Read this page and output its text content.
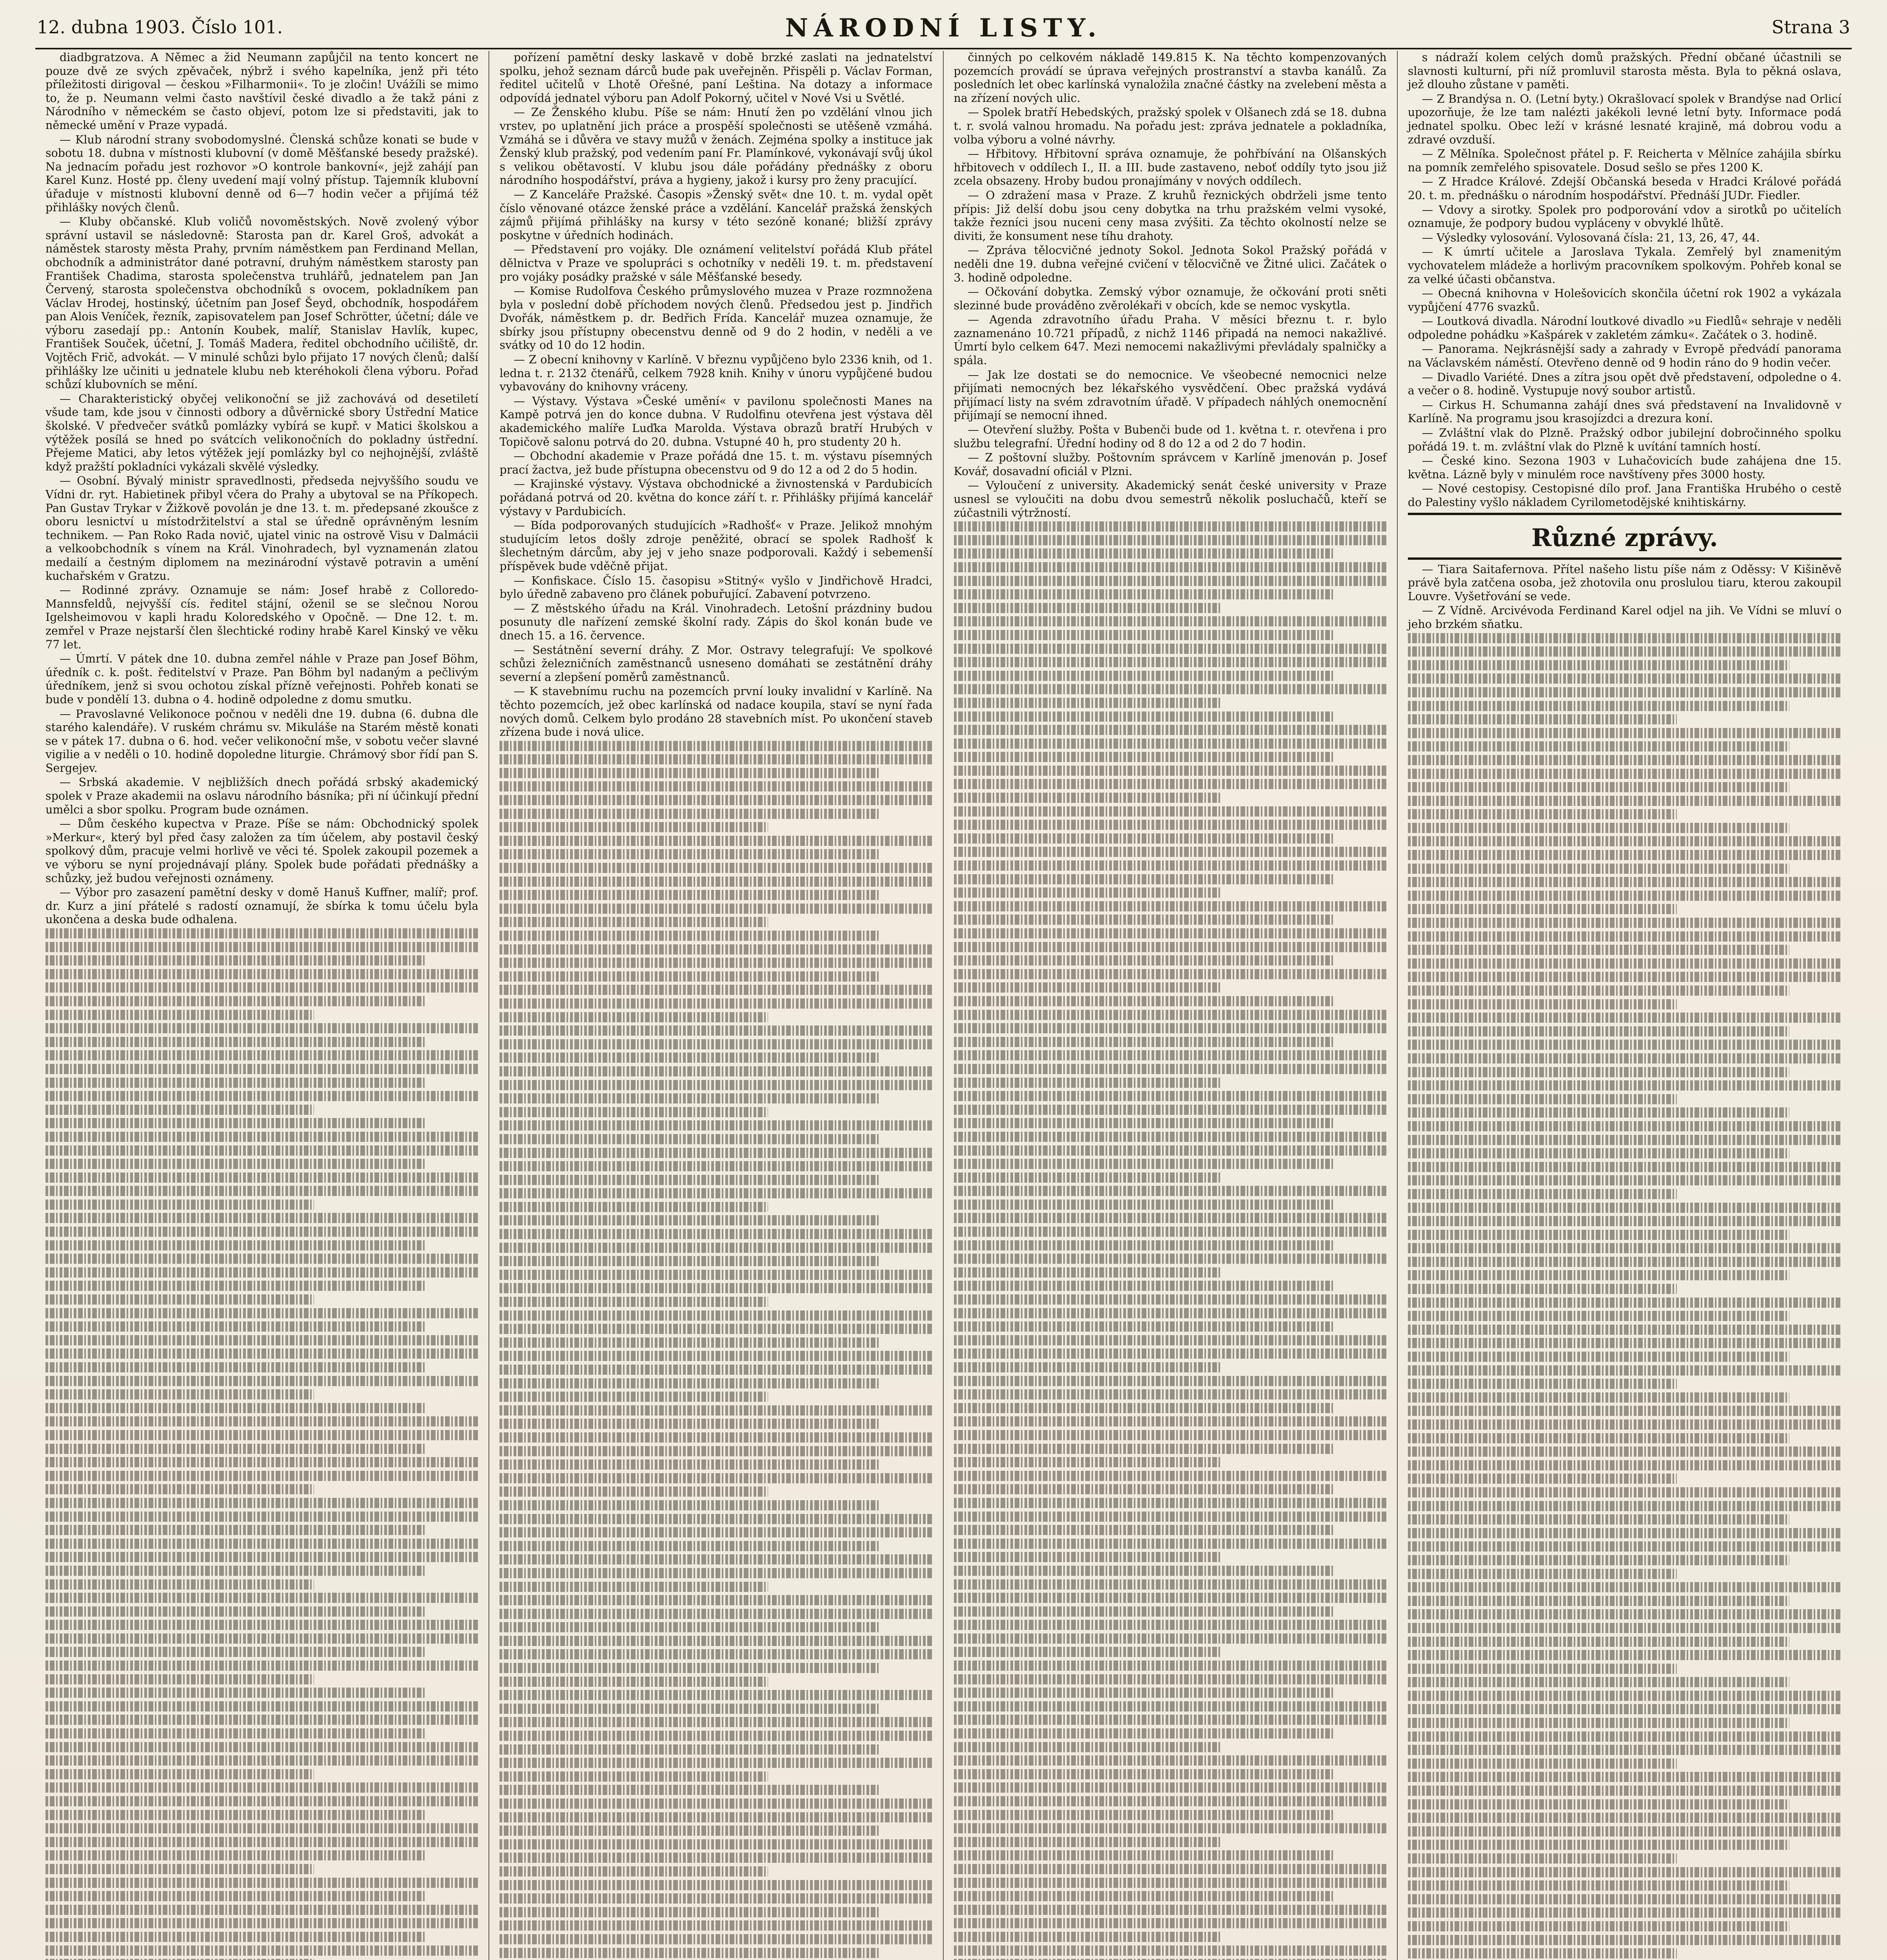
12. dubna 1903. Číslo 101.	NÁRODNÍ LISTY.	Strana 3

diadbgratzova. A Němec a žid Neumann zapůjčil na tento koncert ne pouze dvě ze svých zpěvaček, nýbrž i svého kapelníka, jenž při této příležitosti dirigoval — českou »Filharmonii«. To je zločin! Uvážíli se mimo to, že p. Neumann velmi často navštívil české divadlo a že takž páni z Národního v německém se často objeví, potom lze si představiti, jak to německé umění v Praze vypadá.

— Klub národní strany svobodomyslné. Členská schůze konati se bude v sobotu 18. dubna v místnosti klubovní (v domě Měšťanské besedy pražské). Na jednacím pořadu jest rozhovor »O kontrole bankovní«, jejž zahájí pan Karel Kunz. Hosté pp. členy uvedení mají volný přístup. Tajemník klubovní úřaduje v místnosti klubovní denně od 6—7 hodin večer a přijímá též přihlášky nových členů.

— Kluby občanské. Klub voličů novoměstských. Nově zvolený výbor správní ustavil se následovně: Starosta pan dr. Karel Groš, advokát a náměstek starosty města Prahy, prvním náměstkem pan Ferdinand Mellan, obchodník a administrátor dané potravní, druhým náměstkem starosty pan František Chadima, starosta společenstva truhlářů, jednatelem pan Jan Červený, starosta společenstva obchodníků s ovocem, pokladníkem pan Václav Hrodej, hostinský, účetním pan Josef Šeyd, obchodník, hospodářem pan Alois Veníček, řezník, zapisovatelem pan Josef Schrötter, účetní; dále ve výboru zasedají pp.: Antonín Koubek, malíř, Stanislav Havlík, kupec, František Souček, účetní, J. Tomáš Madera, ředitel obchodního učiliště, dr. Vojtěch Frič, advokát. — V minulé schůzi bylo přijato 17 nových členů; další přihlášky lze učiniti u jednatele klubu neb kteréhokoli člena výboru. Pořad schůzí klubovních se mění.

— Charakteristický obyčej velikonoční se již zachovává od desetiletí všude tam, kde jsou v činnosti odbory a důvěrnické sbory Ústřední Matice školské. V předvečer svátků pomlázky vybírá se kupř. v Matici školskou a výtěžek posílá se hned po svátcích velikonočních do pokladny ústřední. Přejeme Matici, aby letos výtěžek její pomlázky byl co nejhojnější, zvláště když pražští pokladníci vykázali skvělé výsledky.

— Osobní. Bývalý ministr spravedlnosti, předseda nejvyššího soudu ve Vídni dr. ryt. Habietinek přibyl včera do Prahy a ubytoval se na Příkopech. Pan Gustav Trykar v Žižkově povolán je dne 13. t. m. předepsané zkoušce z oboru lesnictví u místodržitelství a stal se úředně oprávněným lesním technikem. — Pan Roko Rada novič, ujatel vinic na ostrově Visu v Dalmácii a velkoobchodník s vínem na Král. Vinohradech, byl vyznamenán zlatou medailí a čestným diplomem na mezinárodní výstavě potravin a umění kuchařském v Gratzu.

— Rodinné zprávy. Oznamuje se nám: Josef hrabě z Colloredo-Mannsfeldů, nejvyšší cís. ředitel stájní, oženil se se slečnou Norou Igelsheimovou v kapli hradu Koloredského v Opočně. — Dne 12. t. m. zemřel v Praze nejstarší člen šlechtické rodiny hrabě Karel Kinský ve věku 77 let.

— Úmrtí. V pátek dne 10. dubna zemřel náhle v Praze pan Josef Böhm, úředník c. k. pošt. ředitelství v Praze. Pan Böhm byl nadaným a pečlivým úředníkem, jenž si svou ochotou získal přízně veřejnosti. Pohřeb konati se bude v pondělí 13. dubna o 4. hodině odpoledne z domu smutku.

— Pravoslavné Velikonoce počnou v neděli dne 19. dubna (6. dubna dle starého kalendáře). V ruském chrámu sv. Mikuláše na Starém městě konati se v pátek 17. dubna o 6. hod. večer velikonoční mše, v sobotu večer slavné vigilie a v neděli o 10. hodině dopoledne liturgie. Chrámový sbor řídí pan S. Sergejev.

— Srbská akademie. V nejbližších dnech pořádá srbský akademický spolek v Praze akademii na oslavu národního básníka; při ní účinkují přední umělci a sbor spolku. Program bude oznámen.

— Dům českého kupectva v Praze. Píše se nám: Obchodnický spolek »Merkur«, který byl před časy založen za tím účelem, aby postavil český spolkový dům, pracuje velmi horlivě ve věci té. Spolek zakoupil pozemek a ve výboru se nyní projednávají plány. Spolek bude pořádati přednášky a schůzky, jež budou veřejnosti oznámeny.

— Výbor pro zasazení pamětní desky v domě Hanuš Kuffner, malíř; prof. dr. Kurz a jiní přátelé s radostí oznamují, že sbírka k tomu účelu byla ukončena a deska bude odhalena.

pořízení pamětní desky laskavě v době brzké zaslati na jednatelství spolku, jehož seznam dárců bude pak uveřejněn. Přispěli p. Václav Forman, ředitel učitelů v Lhotě Ořešné, paní Leština. Na dotazy a informace odpovídá jednatel výboru pan Adolf Pokorný, učitel v Nové Vsi u Světlé.

— Ze Ženského klubu. Píše se nám: Hnutí žen po vzdělání vlnou jich vrstev, po uplatnění jich práce a prospěší společnosti se utěšeně vzmáhá. Vzmáhá se i důvěra ve stavy mužů v ženách. Zejména spolky a instituce jak Ženský klub pražský, pod vedením paní Fr. Plamínkové, vykonávají svůj úkol s velikou obětavostí. V klubu jsou dále pořádány přednášky z oboru národního hospodářství, práva a hygieny, jakož i kursy pro ženy pracující.

— Z Kanceláře Pražské. Časopis »Ženský svět« dne 10. t. m. vydal opět číslo věnované otázce ženské práce a vzdělání. Kancelář pražská ženských zájmů přijímá přihlášky na kursy v této sezóně konané; bližší zprávy poskytne v úředních hodinách.

— Představení pro vojáky. Dle oznámení velitelství pořádá Klub přátel dělnictva v Praze ve spolupráci s ochotníky v neděli 19. t. m. představení pro vojáky posádky pražské v sále Měšťanské besedy.

— Komise Rudolfova Českého průmyslového muzea v Praze rozmnožena byla v poslední době příchodem nových členů. Předsedou jest p. Jindřich Dvořák, náměstkem p. dr. Bedřich Frída. Kancelář muzea oznamuje, že sbírky jsou přístupny obecenstvu denně od 9 do 2 hodin, v neděli a ve svátky od 10 do 12 hodin.

— Z obecní knihovny v Karlíně. V březnu vypůjčeno bylo 2336 knih, od 1. ledna t. r. 2132 čtenářů, celkem 7928 knih. Knihy v únoru vypůjčené budou vybavovány do knihovny vráceny.

— Výstavy. Výstava »České umění« v pavilonu společnosti Manes na Kampě potrvá jen do konce dubna. V Rudolfinu otevřena jest výstava děl akademického malíře Luďka Marolda. Výstava obrazů bratří Hrubých v Topičově salonu potrvá do 20. dubna. Vstupné 40 h, pro studenty 20 h.

— Obchodní akademie v Praze pořádá dne 15. t. m. výstavu písemných prací žactva, jež bude přístupna obecenstvu od 9 do 12 a od 2 do 5 hodin.

— Krajinské výstavy. Výstava obchodnické a živnostenská v Pardubicích pořádaná potrvá od 20. května do konce září t. r. Přihlášky přijímá kancelář výstavy v Pardubicích.

— Bída podporovaných studujících »Radhošť« v Praze. Jelikož mnohým studujícím letos došly zdroje peněžité, obrací se spolek Radhošť k šlechetným dárcům, aby jej v jeho snaze podporovali. Každý i sebemenší příspěvek bude vděčně přijat.

— Konfiskace. Číslo 15. časopisu »Stitný« vyšlo v Jindřichově Hradci, bylo úředně zabaveno pro článek pobuřující. Zabavení potvrzeno.

— Z městského úřadu na Král. Vinohradech. Letošní prázdniny budou posunuty dle nařízení zemské školní rady. Zápis do škol konán bude ve dnech 15. a 16. července.

— Sestátnění severní dráhy. Z Mor. Ostravy telegrafují: Ve spolkové schůzi železničních zaměstnanců usneseno domáhati se zestátnění dráhy severní a zlepšení poměrů zaměstnanců.

— K stavebnímu ruchu na pozemcích první louky invalidní v Karlíně. Na těchto pozemcích, jež obec karlínská od nadace koupila, staví se nyní řada nových domů. Celkem bylo prodáno 28 stavebních míst. Po ukončení staveb zřízena bude i nová ulice.

činných po celkovém nákladě 149.815 K. Na těchto kompenzovaných pozemcích provádí se úprava veřejných prostranství a stavba kanálů. Za posledních let obec karlínská vynaložila značné částky na zvelebení města a na zřízení nových ulic.

— Spolek bratří Hebedských, pražský spolek v Olšanech zdá se 18. dubna t. r. svolá valnou hromadu. Na pořadu jest: zpráva jednatele a pokladníka, volba výboru a volné návrhy.

— Hřbitovy. Hřbitovní správa oznamuje, že pohřbívání na Olšanských hřbitovech v oddílech I., II. a III. bude zastaveno, neboť oddíly tyto jsou již zcela obsazeny. Hroby budou pronajímány v nových oddílech.

— O zdražení masa v Praze. Z kruhů řeznických obdrželi jsme tento přípis: Již delší dobu jsou ceny dobytka na trhu pražském velmi vysoké, takže řezníci jsou nuceni ceny masa zvýšiti. Za těchto okolností nelze se diviti, že konsument nese tíhu drahoty.

— Zpráva tělocvičné jednoty Sokol. Jednota Sokol Pražský pořádá v neděli dne 19. dubna veřejné cvičení v tělocvičně ve Žitné ulici. Začátek o 3. hodině odpoledne.

— Očkování dobytka. Zemský výbor oznamuje, že očkování proti sněti slezinné bude prováděno zvěrolékaři v obcích, kde se nemoc vyskytla.

— Agenda zdravotního úřadu Praha. V měsíci březnu t. r. bylo zaznamenáno 10.721 případů, z nichž 1146 připadá na nemoci nakažlivé. Úmrtí bylo celkem 647. Mezi nemocemi nakažlivými převládaly spalničky a spála.

— Jak lze dostati se do nemocnice. Ve všeobecné nemocnici nelze přijímati nemocných bez lékařského vysvědčení. Obec pražská vydává přijímací listy na svém zdravotním úřadě. V případech náhlých onemocnění přijímají se nemocní ihned.

— Otevření služby. Pošta v Bubenči bude od 1. května t. r. otevřena i pro službu telegrafní. Úřední hodiny od 8 do 12 a od 2 do 7 hodin.

— Z poštovní služby. Poštovním správcem v Karlíně jmenován p. Josef Kovář, dosavadní oficiál v Plzni.

— Vyloučení z university. Akademický senát české university v Praze usnesl se vyloučiti na dobu dvou semestrů několik posluchačů, kteří se zúčastnili výtržností.

s nádraží kolem celých domů pražských. Přední občané účastnili se slavnosti kulturní, při níž promluvil starosta města. Byla to pěkná oslava, jež dlouho zůstane v paměti.

— Z Brandýsa n. O. (Letní byty.) Okrašlovací spolek v Brandýse nad Orlicí upozorňuje, že lze tam nalézti jakékoli levné letní byty. Informace podá jednatel spolku. Obec leží v krásné lesnaté krajině, má dobrou vodu a zdravé ovzduší.

— Z Mělníka. Společnost přátel p. F. Reicherta v Mělníce zahájila sbírku na pomník zemřelého spisovatele. Dosud sešlo se přes 1200 K.

— Z Hradce Králové. Zdejší Občanská beseda v Hradci Králové pořádá 20. t. m. přednášku o národním hospodářství. Přednáší JUDr. Fiedler.

— Vdovy a sirotky. Spolek pro podporování vdov a sirotků po učitelích oznamuje, že podpory budou vypláceny v obvyklé lhůtě.

— Výsledky vylosování. Vylosovaná čísla: 21, 13, 26, 47, 44.

— K úmrtí učitele a Jaroslava Tykala. Zemřelý byl znamenitým vychovatelem mládeže a horlivým pracovníkem spolkovým. Pohřeb konal se za velké účasti občanstva.

— Obecná knihovna v Holešovicích skončila účetní rok 1902 a vykázala vypůjčení 4776 svazků.

— Loutková divadla. Národní loutkové divadlo »u Fiedlů« sehraje v neděli odpoledne pohádku »Kašpárek v zakletém zámku«. Začátek o 3. hodině.

— Panorama. Nejkrásnější sady a zahrady v Evropě předvádí panorama na Václavském náměstí. Otevřeno denně od 9 hodin ráno do 9 hodin večer.

— Divadlo Variété. Dnes a zítra jsou opět dvě představení, odpoledne o 4. a večer o 8. hodině. Vystupuje nový soubor artistů.

— Cirkus H. Schumanna zahájí dnes svá představení na Invalidovně v Karlíně. Na programu jsou krasojízdci a drezura koní.

— Zvláštní vlak do Plzně. Pražský odbor jubilejní dobročinného spolku pořádá 19. t. m. zvláštní vlak do Plzně k uvítání tamních hostí.

— České kino. Sezona 1903 v Luhačovicích bude zahájena dne 15. května. Lázně byly v minulém roce navštíveny přes 3000 hosty.

— Nové cestopisy. Cestopisné dílo prof. Jana Františka Hrubého o cestě do Palestiny vyšlo nákladem Cyrilometodějské knihtiskárny.

Různé zprávy.

— Tiara Saitafernova. Přítel našeho listu píše nám z Oděssy: V Kišiněvě právě byla zatčena osoba, jež zhotovila onu proslulou tiaru, kterou zakoupil Louvre. Vyšetřování se vede.

— Z Vídně. Arcivévoda Ferdinand Karel odjel na jih. Ve Vídni se mluví o jeho brzkém sňatku.
